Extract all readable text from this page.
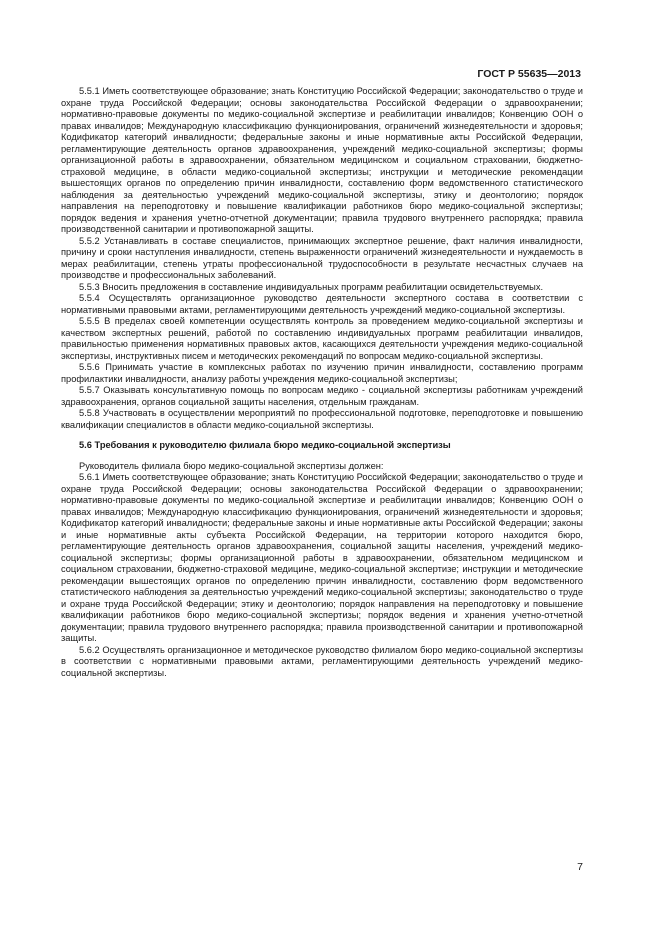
ГОСТ Р 55635—2013

5.5.1 Иметь соответствующее образование; знать Конституцию Российской Федерации; законодательство о труде и охране труда Российской Федерации; основы законодательства Российской Федерации о здравоохранении; нормативно-правовые документы по медико-социальной экспертизе и реабилитации инвалидов; Конвенцию ООН о правах инвалидов; Международную классификацию функционирования, ограничений жизнедеятельности и здоровья; Кодификатор категорий инвалидности; федеральные законы и иные нормативные акты Российской Федерации, регламентирующие деятельность органов здравоохранения, учреждений медико-социальной экспертизы; формы организационной работы в здравоохранении, обязательном медицинском и социальном страховании, бюджетно-страховой медицине, в области медико-социальной экспертизы; инструкции и методические рекомендации вышестоящих органов по определению причин инвалидности, составлению форм ведомственного статистического наблюдения за деятельностью учреждений медико-социальной экспертизы, этику и деонтологию; порядок направления на переподготовку и повышение квалификации работников бюро медико-социальной экспертизы; порядок ведения и хранения учетно-отчетной документации; правила трудового внутреннего распорядка; правила производственной санитарии и противопожарной защиты.

5.5.2 Устанавливать в составе специалистов, принимающих экспертное решение, факт наличия инвалидности, причину и сроки наступления инвалидности, степень выраженности ограничений жизнедеятельности и нуждаемость в мерах реабилитации, степень утраты профессиональной трудоспособности в результате несчастных случаев на производстве и профессиональных заболеваний.

5.5.3 Вносить предложения в составление индивидуальных программ реабилитации освидетельствуемых.

5.5.4 Осуществлять организационное руководство деятельности экспертного состава в соответствии с нормативными правовыми актами, регламентирующими деятельность учреждений медико-социальной экспертизы.

5.5.5 В пределах своей компетенции осуществлять контроль за проведением медико-социальной экспертизы и качеством экспертных решений, работой по составлению индивидуальных программ реабилитации инвалидов, правильностью применения нормативных правовых актов, касающихся деятельности учреждения медико-социальной экспертизы, инструктивных писем и методических рекомендаций по вопросам медико-социальной экспертизы.

5.5.6 Принимать участие в комплексных работах по изучению причин инвалидности, составлению программ профилактики инвалидности, анализу работы учреждения медико-социальной экспертизы;

5.5.7 Оказывать консультативную помощь по вопросам медико - социальной экспертизы работникам учреждений здравоохранения, органов социальной защиты населения, отдельным гражданам.

5.5.8 Участвовать в осуществлении мероприятий по профессиональной подготовке, переподготовке и повышению квалификации специалистов в области медико-социальной экспертизы.

5.6 Требования к руководителю филиала бюро медико-социальной экспертизы

Руководитель филиала бюро медико-социальной экспертизы должен:

5.6.1 Иметь соответствующее образование; знать Конституцию Российской Федерации; законодательство о труде и охране труда Российской Федерации; основы законодательства Российской Федерации о здравоохранении; нормативно-правовые документы по медико-социальной экспертизе и реабилитации инвалидов; Конвенцию ООН о правах инвалидов; Международную классификацию функционирования, ограничений жизнедеятельности и здоровья; Кодификатор категорий инвалидности; федеральные законы и иные нормативные акты Российской Федерации; законы и иные нормативные акты субъекта Российской Федерации, на территории которого находится бюро, регламентирующие деятельность органов здравоохранения, социальной защиты населения, учреждений медико-социальной экспертизы; формы организационной работы в здравоохранении, обязательном медицинском и социальном страховании, бюджетно-страховой медицине, медико-социальной экспертизе; инструкции и методические рекомендации вышестоящих органов по определению причин инвалидности, составлению форм ведомственного статистического наблюдения за деятельностью учреждений медико-социальной экспертизы; законодательство о труде и охране труда Российской Федерации; этику и деонтологию; порядок направления на переподготовку и повышение квалификации работников бюро медико-социальной экспертизы; порядок ведения и хранения учетно-отчетной документации; правила трудового внутреннего распорядка; правила производственной санитарии и противопожарной защиты.

5.6.2 Осуществлять организационное и методическое руководство филиалом бюро медико-социальной экспертизы в соответствии с нормативными правовыми актами, регламентирующими деятельность учреждений медико-социальной экспертизы.

7
